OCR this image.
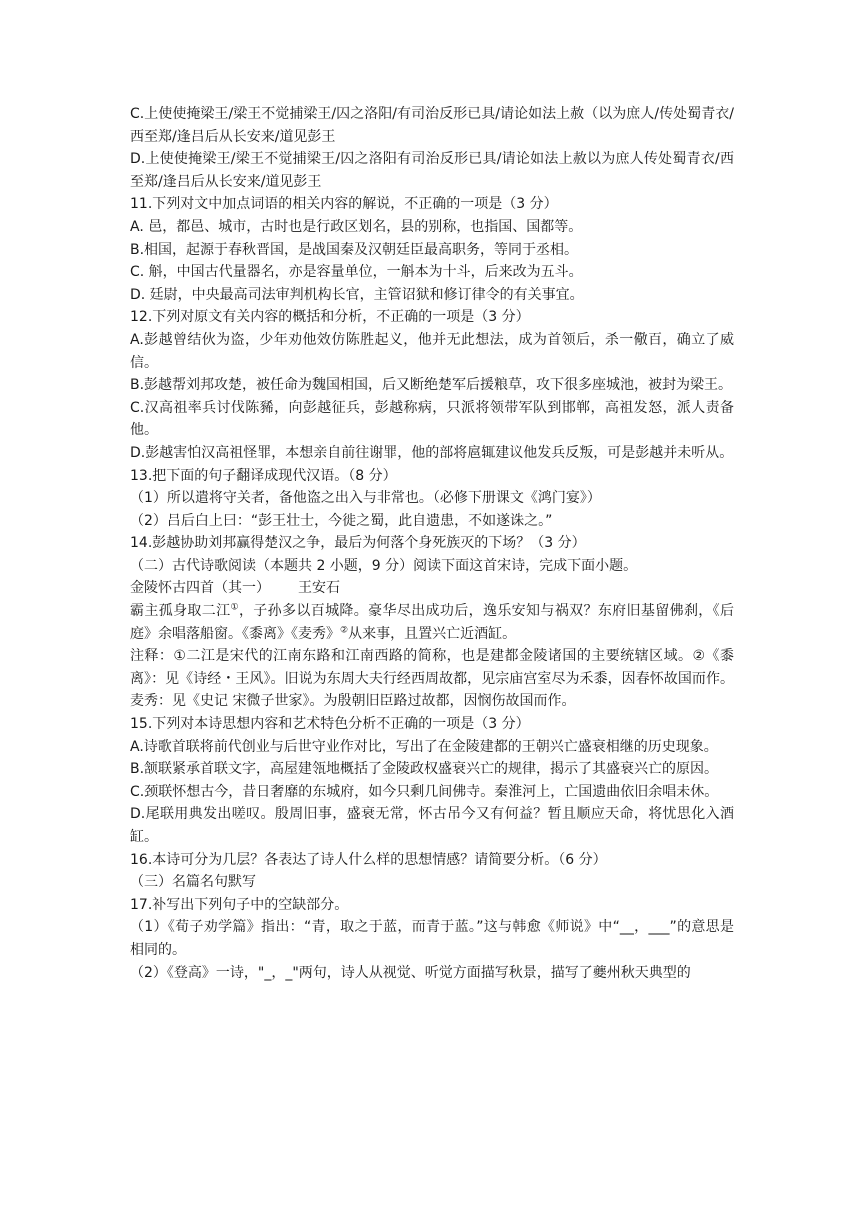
C.上使使掩梁王/梁王不觉捕梁王/囚之洛阳/有司治反形已具/请论如法上赦（以为庶人/传处蜀青衣/西至郑/逢吕后从长安来/道见彭王

D.上使使掩梁王/梁王不觉捕梁王/囚之洛阳有司治反形已具/请论如法上赦以为庶人传处蜀青衣/西至郑/逢吕后从长安来/道见彭王

11.下列对文中加点词语的相关内容的解说，不正确的一项是（3 分）

A. 邑，都邑、城市，古时也是行政区划名，县的别称，也指国、国都等。

B.相国，起源于春秋晋国，是战国秦及汉朝廷臣最高职务，等同于丞相。

C. 斛，中国古代量器名，亦是容量单位，一斛本为十斗，后来改为五斗。

D. 廷尉，中央最高司法审判机构长官，主管诏狱和修订律令的有关事宜。

12.下列对原文有关内容的概括和分析，不正确的一项是（3 分）

A.彭越曾结伙为盗，少年劝他效仿陈胜起义，他并无此想法，成为首领后，杀一儆百，确立了威信。

B.彭越帮刘邦攻楚，被任命为魏国相国，后又断绝楚军后援粮草，攻下很多座城池，被封为梁王。

C.汉高祖率兵讨伐陈豨，向彭越征兵，彭越称病，只派将领带军队到邯郸，高祖发怒，派人责备他。

D.彭越害怕汉高祖怪罪，本想亲自前往谢罪，他的部将扈辄建议他发兵反叛，可是彭越并未听从。

13.把下面的句子翻译成现代汉语。（8 分）

（1）所以遣将守关者，备他盗之出入与非常也。（必修下册课文《鸿门宴》）

（2）吕后白上曰：“彭王壮士，今徙之蜀，此自遗患，不如遂诛之。”

14.彭越协助刘邦赢得楚汉之争，最后为何落个身死族灭的下场？（3 分）

（二）古代诗歌阅读（本题共 2 小题，9 分）阅读下面这首宋诗，完成下面小题。

金陵怀古四首（其一） 王安石

霸主孤身取二江①，子孙多以百城降。豪华尽出成功后，逸乐安知与祸双？东府旧基留佛刹，《后庭》余唱落船窗。《黍离》《麦秀》②从来事，且置兴亡近酒缸。

注释：①二江是宋代的江南东路和江南西路的简称，也是建都金陵诸国的主要统辖区域。②《黍离》：见《诗经・王风》。旧说为东周大夫行经西周故都，见宗庙宫室尽为禾黍，因春怀故国而作。麦秀：见《史记 宋微子世家》。为殷朝旧臣路过故都，因悯伤故国而作。

15.下列对本诗思想内容和艺术特色分析不正确的一项是（3 分）

A.诗歌首联将前代创业与后世守业作对比，写出了在金陵建都的王朝兴亡盛衰相继的历史现象。

B.颔联紧承首联文字，高屋建瓴地概括了金陵政权盛衰兴亡的规律，揭示了其盛衰兴亡的原因。

C.颈联怀想古今，昔日奢靡的东城府，如今只剩几间佛寺。秦淮河上，亡国遗曲依旧余唱未休。

D.尾联用典发出嗟叹。殷周旧事，盛衰无常，怀古吊今又有何益？暂且顺应天命，将忧思化入酒缸。

16.本诗可分为几层？各表达了诗人什么样的思想情感？请简要分析。（6 分）

（三）名篇名句默写

17.补写出下列句子中的空缺部分。

（1）《荀子劝学篇》指出：“青，取之于蓝，而青于蓝。”这与韩愈《师说》中“__，___”的意思是相同的。

（2）《登高》一诗，"_，_"两句，诗人从视觉、听觉方面描写秋景，描写了夔州秋天典型的
